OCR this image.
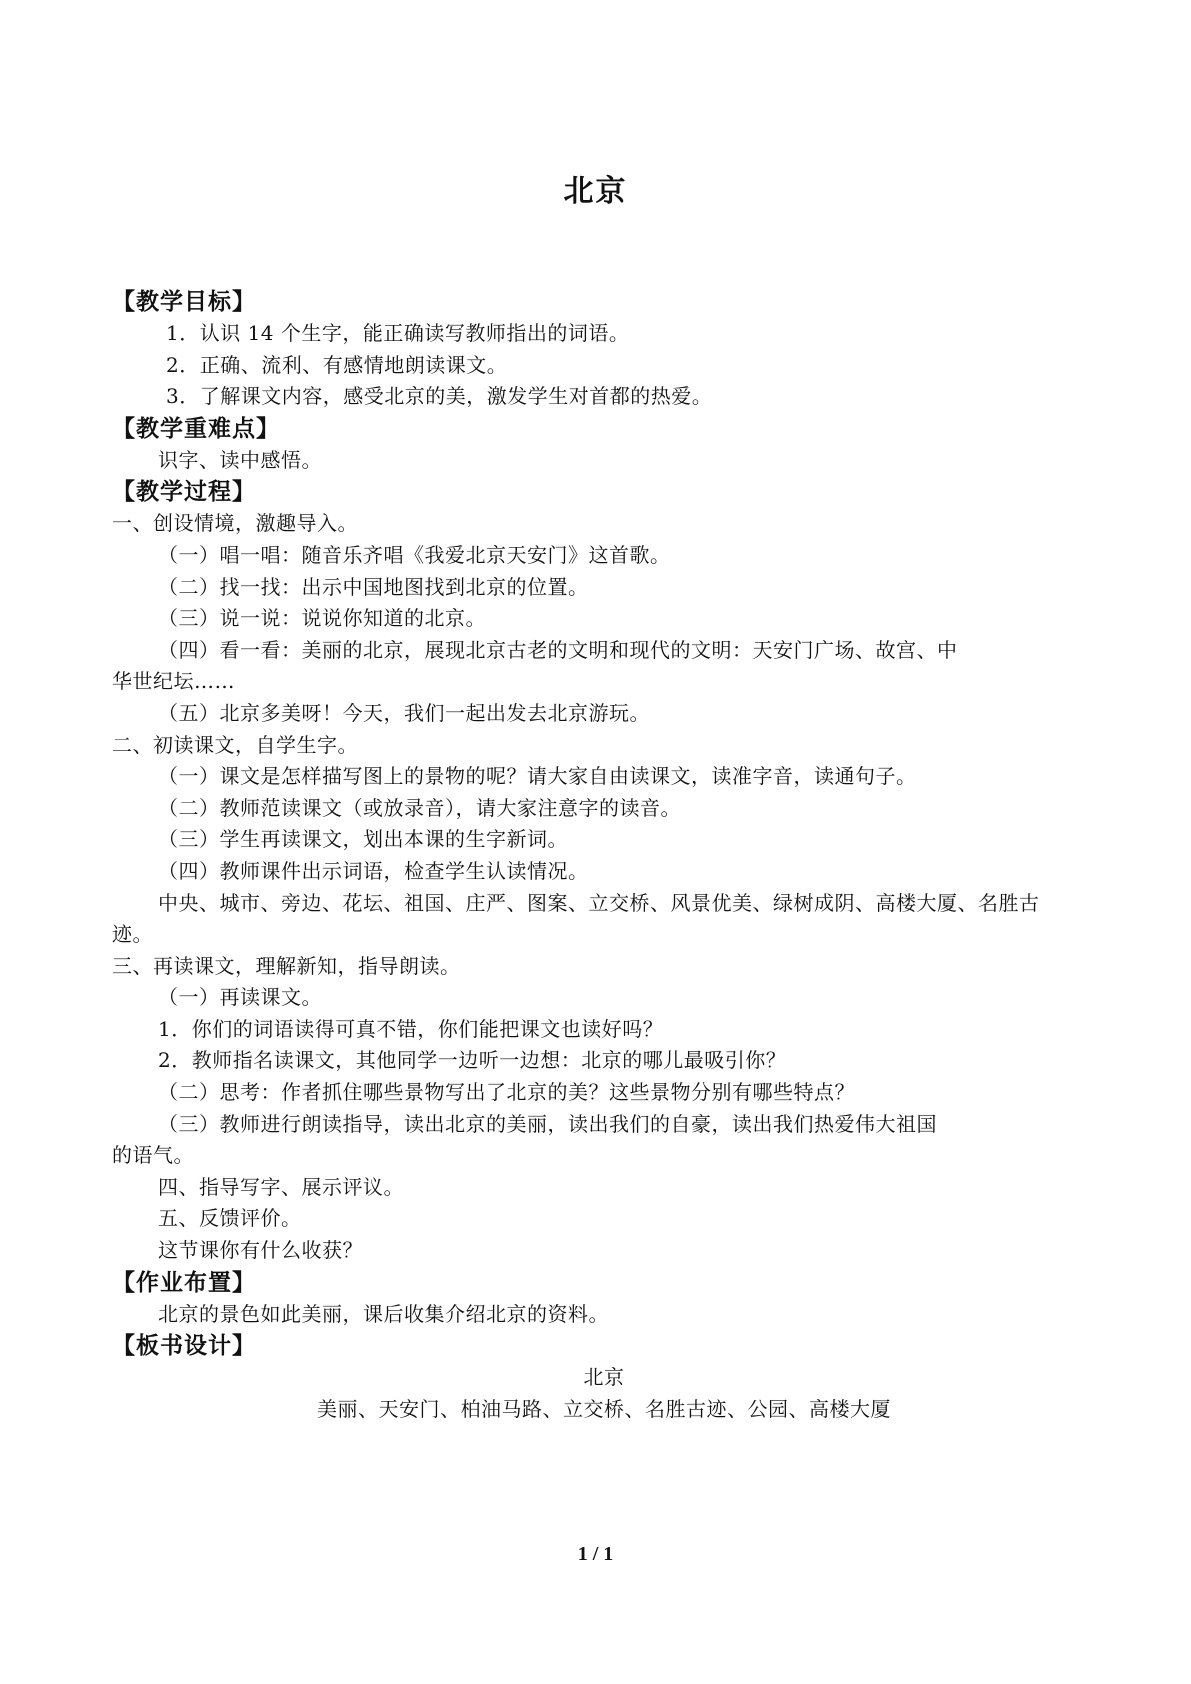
北京
【教学目标】
1．认识 14 个生字，能正确读写教师指出的词语。
2．正确、流利、有感情地朗读课文。
3．了解课文内容，感受北京的美，激发学生对首都的热爱。
【教学重难点】
识字、读中感悟。
【教学过程】
一、创设情境，激趣导入。
（一）唱一唱：随音乐齐唱《我爱北京天安门》这首歌。
（二）找一找：出示中国地图找到北京的位置。
（三）说一说：说说你知道的北京。
（四）看一看：美丽的北京，展现北京古老的文明和现代的文明：天安门广场、故宫、中
华世纪坛……
（五）北京多美呀！今天，我们一起出发去北京游玩。
二、初读课文，自学生字。
（一）课文是怎样描写图上的景物的呢？请大家自由读课文，读准字音，读通句子。
（二）教师范读课文（或放录音），请大家注意字的读音。
（三）学生再读课文，划出本课的生字新词。
（四）教师课件出示词语，检查学生认读情况。
中央、城市、旁边、花坛、祖国、庄严、图案、立交桥、风景优美、绿树成阴、高楼大厦、名胜古
迹。
三、再读课文，理解新知，指导朗读。
（一）再读课文。
1．你们的词语读得可真不错，你们能把课文也读好吗？
2．教师指名读课文，其他同学一边听一边想：北京的哪儿最吸引你？
（二）思考：作者抓住哪些景物写出了北京的美？这些景物分别有哪些特点？
（三）教师进行朗读指导，读出北京的美丽，读出我们的自豪，读出我们热爱伟大祖国
的语气。
四、指导写字、展示评议。
五、反馈评价。
这节课你有什么收获？
【作业布置】
北京的景色如此美丽，课后收集介绍北京的资料。
【板书设计】
北京
美丽、天安门、柏油马路、立交桥、名胜古迹、公园、高楼大厦
1 / 1
